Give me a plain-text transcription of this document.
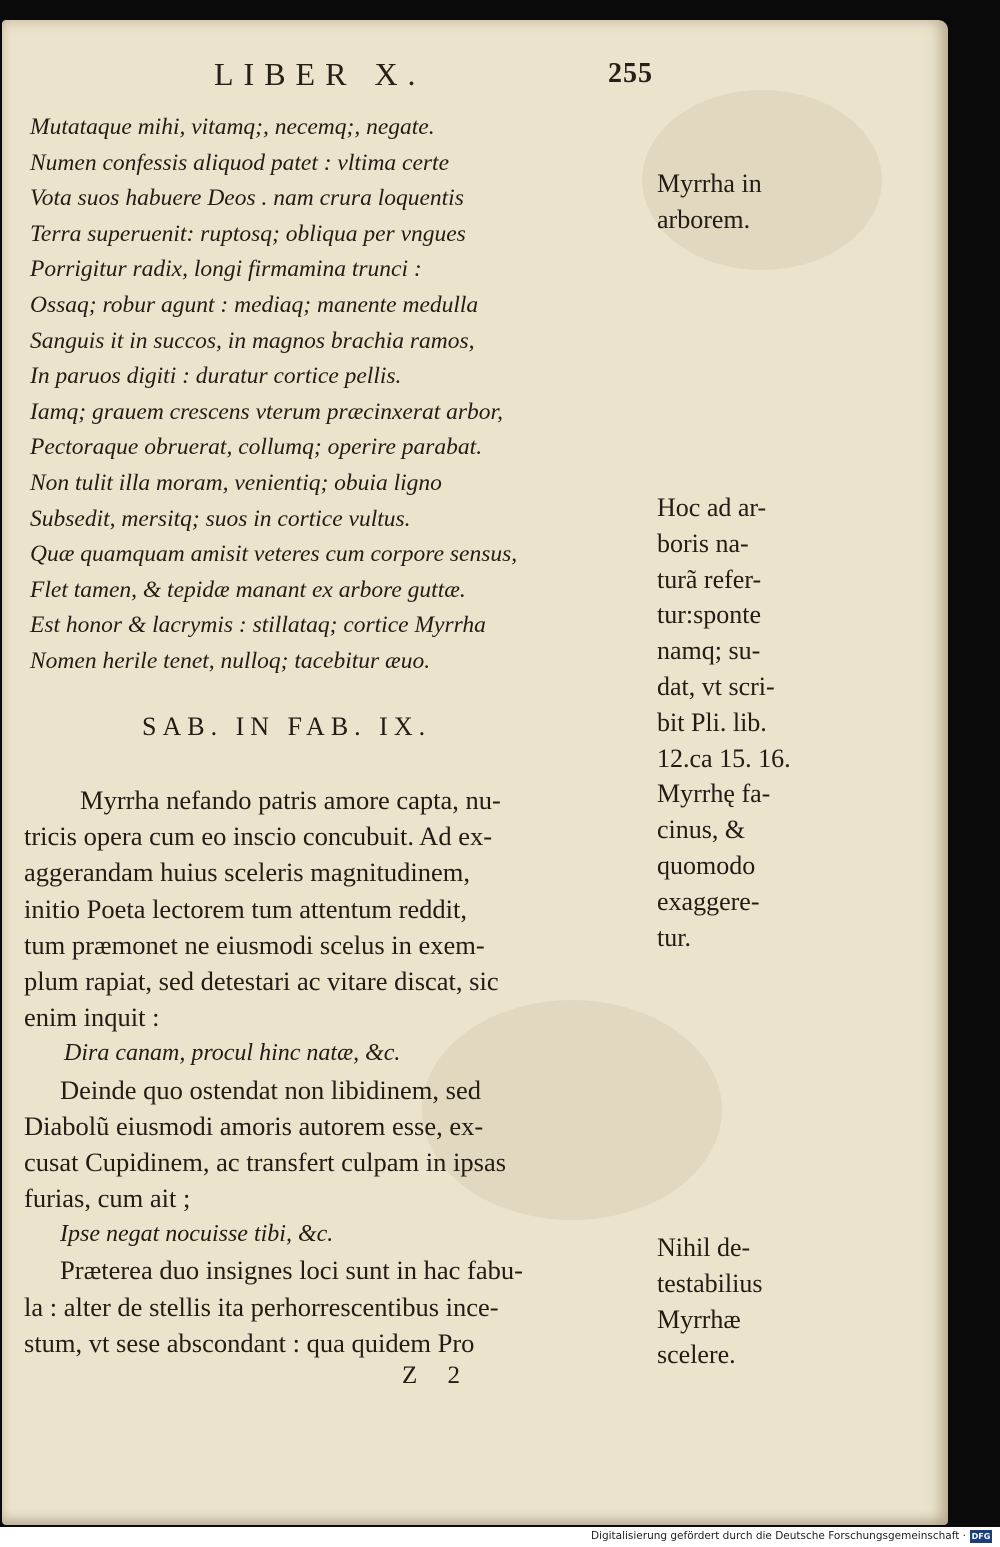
LIBER X.	255
Mutataque mihi, vitamq;, necemq;, negate.
Numen confessis aliquod patet : vltima certe
Vota suos habuere Deos . nam crura loquentis
Terra superuenit: ruptosq; obliqua per vngues
Porrigitur radix, longi firmamina trunci :
Ossaq; robur agunt : mediaq; manente medulla
Sanguis it in succos, in magnos brachia ramos,
In paruos digiti : duratur cortice pellis.
Iamq; grauem crescens vterum præcinxerat arbor,
Pectoraque obruerat, collumq; operire parabat.
Non tulit illa moram, venientiq; obuia ligno
Subsedit, mersitq; suos in cortice vultus.
Quæ quamquam amisit veteres cum corpore sensus,
Flet tamen, & tepidæ manant ex arbore guttæ.
Est honor & lacrymis : stillataq; cortice Myrrha
Nomen herile tenet, nulloq; tacebitur æuo.
SAB. IN FAB. IX.
Myrrha nefando patris amore capta, nu-
tricis opera cum eo inscio concubuit. Ad ex-
aggerandam huius sceleris magnitudinem,
initio Poeta lectorem tum attentum reddit,
tum præmonet ne eiusmodi scelus in exem-
plum rapiat, sed detestari ac vitare discat, sic
enim inquit :
Dira canam, procul hinc natæ, &c.
Deinde quo ostendat non libidinem, sed
Diabolũ eiusmodi amoris autorem esse, ex-
cusat Cupidinem, ac transfert culpam in ipsas
furias, cum ait ;
Ipse negat nocuisse tibi, &c.
Præterea duo insignes loci sunt in hac fabu-
la : alter de stellis ita perhorrescentibus ince-
stum, vt sese abscondant : qua quidem Pro
Z 2
Myrrha in
arborem.
Hoc ad ar-
boris na-
turã refer-
tur:sponte
namq; su-
dat, vt scri-
bit Pli. lib.
12.ca 15. 16.
Myrrhę fa-
cinus, &
quomodo
exaggere-
tur.
Nihil de-
testabilius
Myrrhæ
scelere.
Digitalisierung gefördert durch die Deutsche Forschungsgemeinschaft · DFG
